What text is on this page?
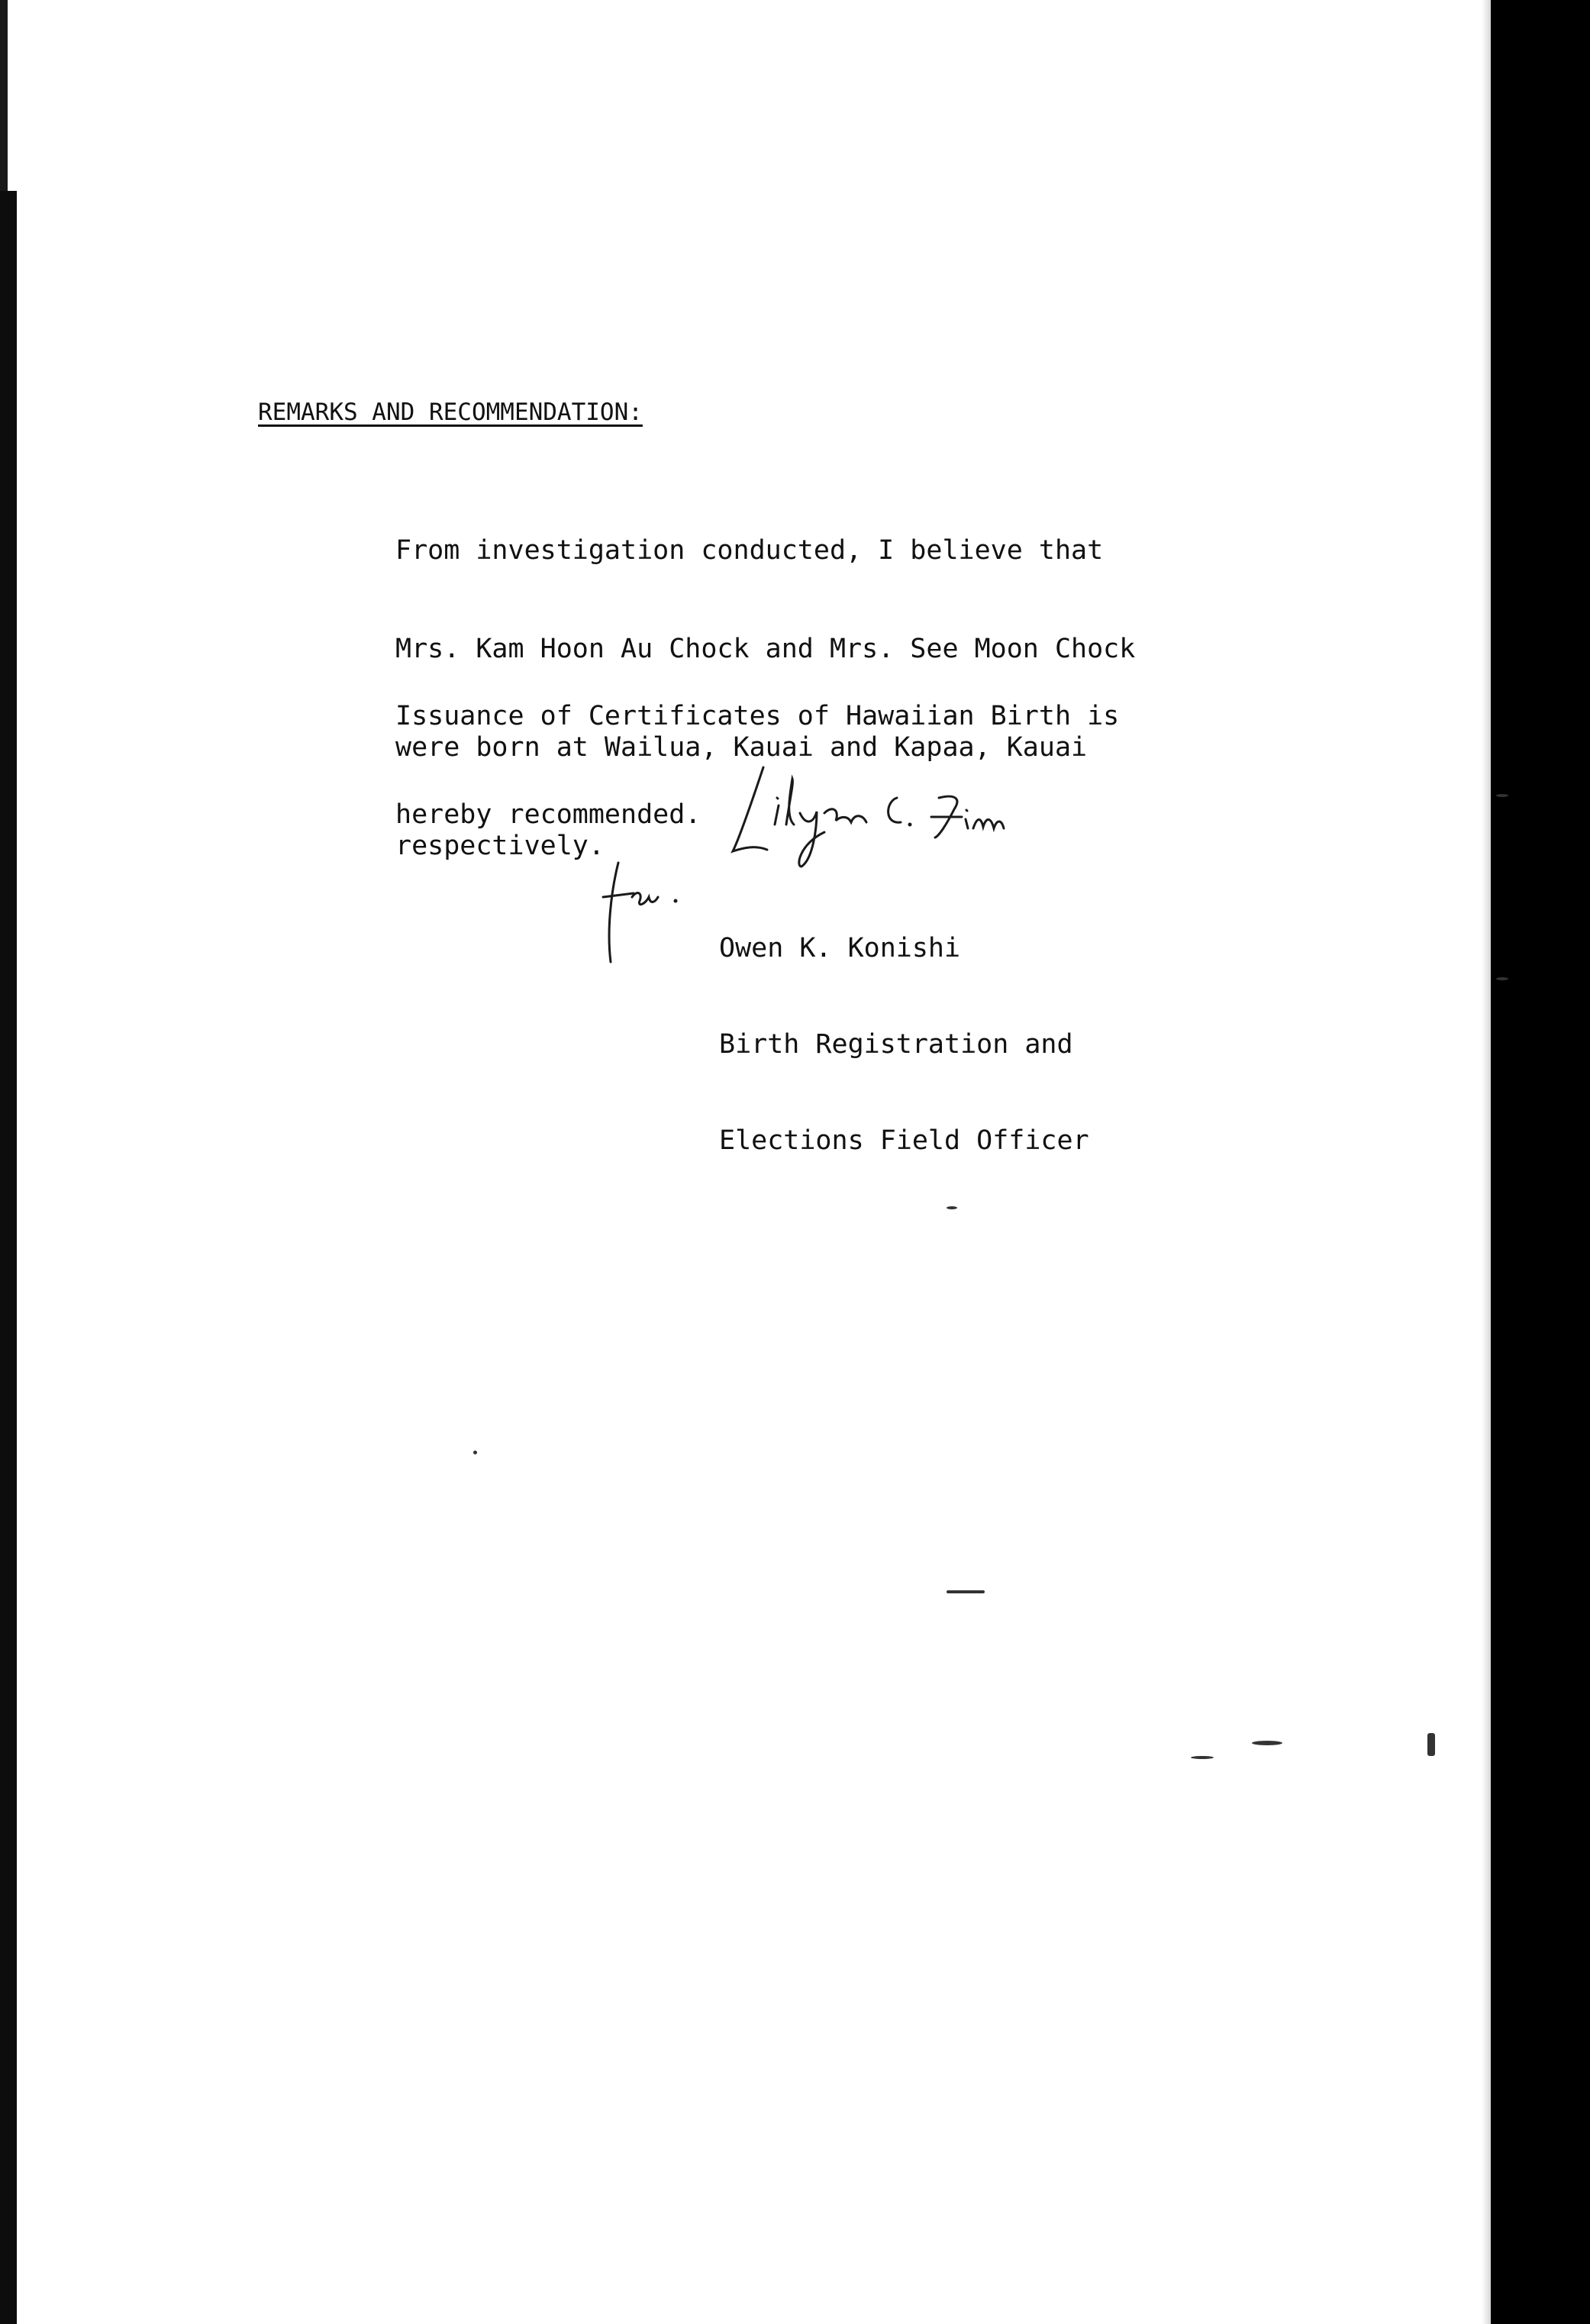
REMARKS AND RECOMMENDATION:

From investigation conducted, I believe that

Mrs. Kam Hoon Au Chock and Mrs. See Moon Chock

were born at Wailua, Kauai and Kapaa, Kauai

respectively.

Issuance of Certificates of Hawaiian Birth is

hereby recommended.

Owen K. Konishi

Birth Registration and

Elections Field Officer
